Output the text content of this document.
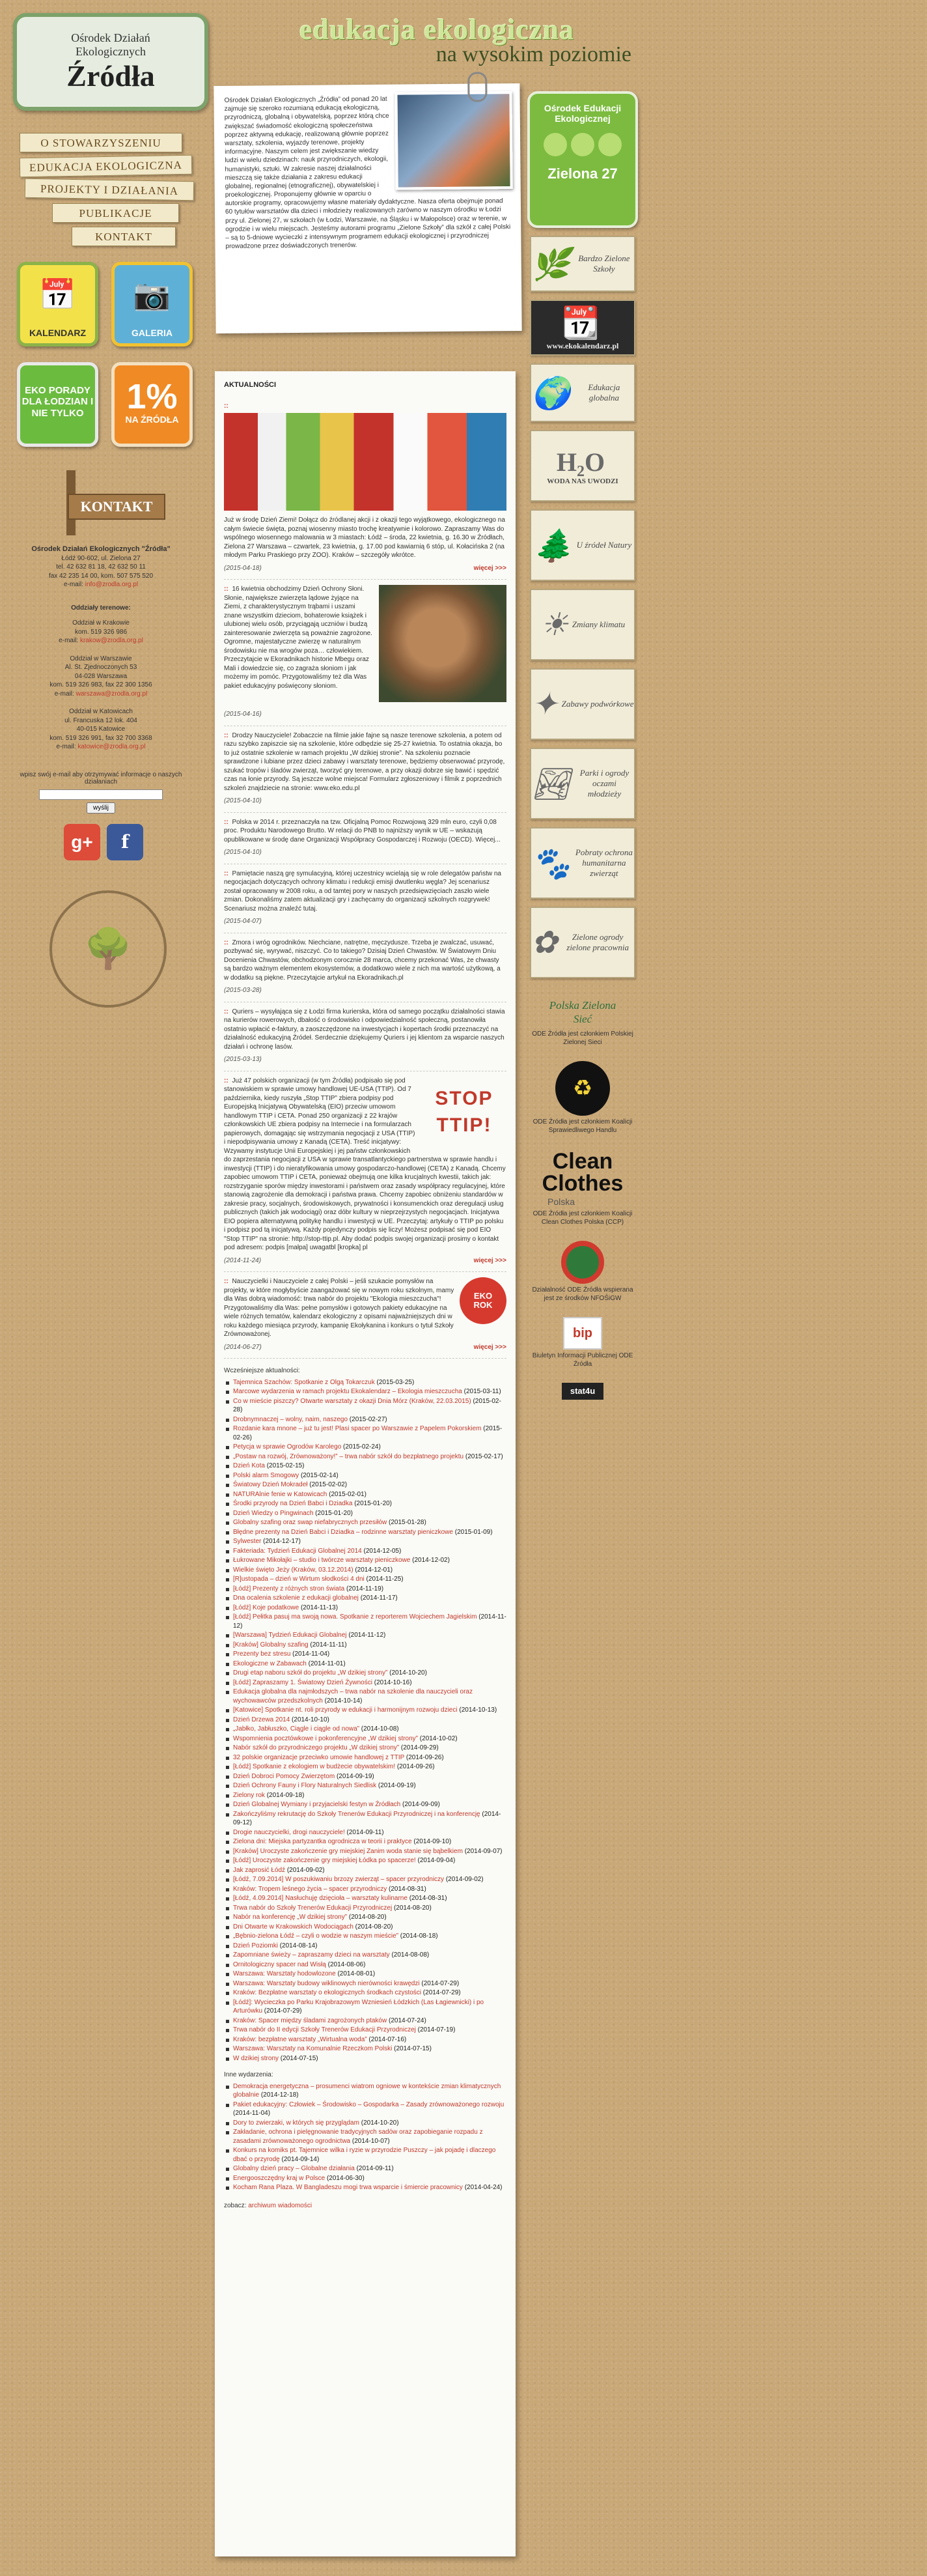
Ośrodek Działań
Ekologicznych
Źródła
O STOWARZYSZENIU
EDUKACJA EKOLOGICZNA
PROJEKTY I DZIAŁANIA
PUBLIKACJE
KONTAKT
📅
KALENDARZ
📷
GALERIA
EKO PORADY DLA ŁODZIAN I NIE TYLKO	1%
NA ŹRÓDŁA
KONTAKT
Ośrodek Działań Ekologicznych "Źródła"
Łódź 90-602, ul. Zielona 27
tel. 42 632 81 18, 42 632 50 11
fax 42 235 14 00, kom. 507 575 520
e-mail: info@zrodla.org.pl
Oddziały terenowe:
Oddział w Krakowie
kom. 519 326 986
e-mail: krakow@zrodla.org.pl
Oddział w Warszawie
Al. St. Zjednoczonych 53
04-028 Warszawa
kom. 519 326 983, fax 22 300 1356
e-mail: warszawa@zrodla.org.pl
Oddział w Katowicach
ul. Francuska 12 lok. 404
40-015 Katowice
kom. 519 326 991, fax 32 700 3368
e-mail: katowice@zrodla.org.pl
wpisz swój e-mail aby otrzymywać informacje o naszych działaniach
wyślij
g+	f
🌳
edukacja ekologiczna
na wysokim poziomie
Ośrodek Działań Ekologicznych „Źródła” od ponad 20 lat zajmuje się szeroko rozumianą edukacją ekologiczną, przyrodniczą, globalną i obywatelską, poprzez którą chce zwiększać świadomość ekologiczną społeczeństwa poprzez aktywną edukację, realizowaną głównie poprzez warsztaty, szkolenia, wyjazdy terenowe, projekty informacyjne. Naszym celem jest zwiększanie wiedzy ludzi w wielu dziedzinach: nauk przyrodniczych, ekologii, humanistyki, sztuki. W zakresie naszej działalności mieszczą się także działania z zakresu edukacji globalnej, regionalnej (etnograficznej), obywatelskiej i proekologicznej. Proponujemy głównie w oparciu o autorskie programy, opracowujemy własne materiały dydaktyczne. Nasza oferta obejmuje ponad 60 tytułów warsztatów dla dzieci i młodzieży realizowanych zarówno w naszym ośrodku w Łodzi przy ul. Zielonej 27, w szkołach (w Łodzi, Warszawie, na Śląsku i w Małopolsce) oraz w terenie, w ogrodzie i w wielu miejscach. Jesteśmy autorami programu „Zielone Szkoły” dla szkół z całej Polski – są to 5-dniowe wycieczki z intensywnym programem edukacji ekologicznej i przyrodniczej prowadzone przez doświadczonych trenerów.
AKTUALNOŚCI
::
Już w środę Dzień Ziemi! Dołącz do źródlanej akcji i z okazji tego wyjątkowego, ekologicznego na całym świecie święta, poznaj wiosenny miasto trochę kreatywnie i kolorowo. Zapraszamy Was do wspólnego wiosennego malowania w 3 miastach: Łódź – środa, 22 kwietnia, g. 16.30 w Źródłach, Zielona 27 Warszawa – czwartek, 23 kwietnia, g. 17.00 pod kawiarnią 6 stóp, ul. Kołacińska 2 (na młodym Parku Praskiego przy ZOO). Kraków – szczegóły wkrótce.
(2015-04-18)	więcej >>>
:: 16 kwietnia obchodzimy Dzień Ochrony Słoni. Słonie, największe zwierzęta lądowe żyjące na Ziemi, z charakterystycznym trąbami i uszami znane wszystkim dzieciom, bohaterowie książek i ulubionej wielu osób, przyciągają uczniów i budzą zainteresowanie zwierzęta są poważnie zagrożone. Ogromne, majestatyczne zwierzę w naturalnym środowisku nie ma wrogów poza… człowiekiem. Przeczytajcie w Ekoradnikach historie Mbegu oraz Mali i dowiedzcie się, co zagraża słoniom i jak możemy im pomóc. Przygotowaliśmy też dla Was pakiet edukacyjny poświęcony słoniom.
(2015-04-16)
:: Drodzy Nauczyciele! Zobaczcie na filmie jakie fajne są nasze terenowe szkolenia, a potem od razu szybko zapiszcie się na szkolenie, które odbędzie się 25-27 kwietnia. To ostatnia okazja, bo to już ostatnie szkolenie w ramach projektu „W dzikiej stronie”. Na szkoleniu poznacie sprawdzone i lubiane przez dzieci zabawy i warsztaty terenowe, będziemy obserwować przyrodę, szukać tropów i śladów zwierząt, tworzyć gry terenowe, a przy okazji dobrze się bawić i spędzić czas na łonie przyrody. Są jeszcze wolne miejsca! Formularz zgłoszeniowy i filmik z poprzednich szkoleń znajdziecie na stronie: www.eko.edu.pl
(2015-04-10)
:: Polska w 2014 r. przeznaczyła na tzw. Oficjalną Pomoc Rozwojową 329 mln euro, czyli 0,08 proc. Produktu Narodowego Brutto. W relacji do PNB to najniższy wynik w UE – wskazują opublikowane w środę dane Organizacji Współpracy Gospodarczej i Rozwoju (OECD). Więcej...
(2015-04-10)
:: Pamiętacie naszą grę symulacyjną, której uczestnicy wcielają się w role delegatów państw na negocjacjach dotyczących ochrony klimatu i redukcji emisji dwutlenku węgla? Jej scenariusz został opracowany w 2008 roku, a od tamtej pory w naszych przedsięwzięciach zaszło wiele zmian. Dokonaliśmy zatem aktualizacji gry i zachęcamy do organizacji szkolnych rozgrywek! Scenariusz można znaleźć tutaj.
(2015-04-07)
:: Zmora i wróg ogrodników. Niechciane, natrętne, męczydusze. Trzeba je zwalczać, usuwać, pozbywać się, wyrywać, niszczyć. Co to takiego? Dzisiaj Dzień Chwastów. W Światowym Dniu Docenienia Chwastów, obchodzonym corocznie 28 marca, chcemy przekonać Was, że chwasty są bardzo ważnym elementem ekosystemów, a dodatkowo wiele z nich ma wartość użytkową, a w dodatku są piękne. Przeczytajcie artykuł na Ekoradnikach.pl
(2015-03-28)
:: Quriers – wysyłająca się z Łodzi firma kurierska, która od samego początku działalności stawia na kurierów rowerowych, dbałość o środowisko i odpowiedzialność społeczną, postanowiła ostatnio wpłacić e-faktury, a zaoszczędzone na inwestycjach i kopertach środki przeznaczyć na działalność edukacyjną Źródeł. Serdecznie dziękujemy Quriers i jej klientom za wsparcie naszych działań i ochronę lasów.
(2015-03-13)
STOP
TTIP!
:: Już 47 polskich organizacji (w tym Źródła) podpisało się pod stanowiskiem w sprawie umowy handlowej UE-USA (TTIP). Od 7 października, kiedy ruszyła „Stop TTIP” zbiera podpisy pod Europejską Inicjatywą Obywatelską (EIO) przeciw umowom handlowym TTIP i CETA. Ponad 250 organizacji z 22 krajów członkowskich UE zbiera podpisy na Internecie i na formularzach papierowych, domagając się wstrzymania negocjacji z USA (TTIP) i niepodpisywania umowy z Kanadą (CETA). Treść inicjatywy: Wzywamy instytucje Unii Europejskiej i jej państw członkowskich do zaprzestania negocjacji z USA w sprawie transatlantyckiego partnerstwa w sprawie handlu i inwestycji (TTIP) i do nieratyfikowania umowy gospodarczo-handlowej (CETA) z Kanadą. Chcemy zapobiec umowom TTIP i CETA, ponieważ obejmują one kilka krucjalnych kwestii, takich jak: rozstrzyganie sporów między inwestorami i państwem oraz zasady współpracy regulacyjnej, które stanowią zagrożenie dla demokracji i państwa prawa. Chcemy zapobiec obniżeniu standardów w zakresie pracy, socjalnych, środowiskowych, prywatności i konsumenckich oraz deregulacji usług publicznych (takich jak wodociągi) oraz dóbr kultury w nieprzejrzystych negocjacjach. Inicjatywa EIO popiera alternatywną politykę handlu i inwestycji w UE. Przeczytaj: artykuły o TTIP po polsku i podpisz pod tą inicjatywą. Każdy pojedynczy podpis się liczy! Możesz podpisać się pod EIO "Stop TTIP" na stronie: http://stop-ttip.pl. Aby dodać podpis swojej organizacji prosimy o kontakt pod adresem: podpis [małpa] uwagatbl [kropka] pl
(2014-11-24)	więcej >>>
EKO
ROK
:: Nauczycielki i Nauczyciele z całej Polski – jeśli szukacie pomysłów na projekty, w które mogłybyście zaangażować się w nowym roku szkolnym, mamy dla Was dobrą wiadomość: trwa nabór do projektu "Ekologia mieszczucha"! Przygotowaliśmy dla Was: pełne pomysłów i gotowych pakiety edukacyjne na wiele różnych tematów, kalendarz ekologiczny z opisami najważniejszych dni w roku każdego miesiąca przyrody, kampanię Ekołykanina i konkurs o tytuł Szkoły Zrównoważonej.
(2014-06-27)	więcej >>>
Wcześniejsze aktualności:
Tajemnica Szachów: Spotkanie z Olgą Tokarczuk (2015-03-25)
Marcowe wydarzenia w ramach projektu Ekokalendarz – Ekologia mieszczucha (2015-03-11)
Co w mieście piszczy? Otwarte warsztaty z okazji Dnia Mórz (Kraków, 22.03.2015) (2015-02-28)
Drobnymnaczej – wolny, naim, naszego (2015-02-27)
Rozdanie kara mnone – już tu jest! Plasi spacer po Warszawie z Papelem Pokorskiem (2015-02-26)
Petycja w sprawie Ogrodów Karolego (2015-02-24)
„Postaw na rozwój, Zrównoważony!” – trwa nabór szkół do bezpłatnego projektu (2015-02-17)
Dzień Kota (2015-02-15)
Polski alarm Smogowy (2015-02-14)
Światowy Dzień Mokradeł (2015-02-02)
NATURAlnie fenie w Katowicach (2015-02-01)
Środki przyrody na Dzień Babci i Dziadka (2015-01-20)
Dzień Wiedzy o Pingwinach (2015-01-20)
Globalny szafing oraz swap niefabrycznych przesiłów (2015-01-28)
Błędne prezenty na Dzień Babci i Dziadka – rodzinne warsztaty pieniczkowe (2015-01-09)
Sylwester (2014-12-17)
Fakteriada: Tydzień Edukacji Globalnej 2014 (2014-12-05)
Łukrowane Mikołajki – studio i twórcze warsztaty pieniczkowe (2014-12-02)
Wielkie święto Jeży (Kraków, 03.12.2014) (2014-12-01)
[R]ustopada – dzień w Wirtum słodkości 4 dni (2014-11-25)
[Łódź] Prezenty z różnych stron świata (2014-11-19)
Dna ocalenia szkolenie z edukacji globalnej (2014-11-17)
[Łódź] Koje podatkowe (2014-11-13)
[Łódź] Pełitka pasuj ma swoją nowa. Spotkanie z reporterem Wojciechem Jagielskim (2014-11-12)
[Warszawa] Tydzień Edukacji Globalnej (2014-11-12)
[Kraków] Globalny szafing (2014-11-11)
Prezenty bez stresu (2014-11-04)
Ekologiczne w Zabawach (2014-11-01)
Drugi etap naboru szkół do projektu „W dzikiej strony” (2014-10-20)
[Łódź] Zapraszamy 1. Światowy Dzień Żywności (2014-10-16)
Edukacja globalna dla najmłodszych – trwa nabór na szkolenie dla nauczycieli oraz wychowawców przedszkolnych (2014-10-14)
[Katowice] Spotkanie nt. roli przyrody w edukacji i harmonijnym rozwoju dzieci (2014-10-13)
Dzień Drzewa 2014 (2014-10-10)
„Jabłko, Jabłuszko, Ciągle i ciągle od nowa” (2014-10-08)
Wspomnienia pocztówkowe i pokonferencyjne „W dzikiej strony” (2014-10-02)
Nabór szkół do przyrodniczego projektu „W dzikiej strony” (2014-09-29)
32 polskie organizacje przeciwko umowie handlowej z TTIP (2014-09-26)
[Łódź] Spotkanie z ekologiem w budżecie obywatelskim! (2014-09-26)
Dzień Dobroci Pomocy Zwierzętom (2014-09-19)
Dzień Ochrony Fauny i Flory Naturalnych Siedlisk (2014-09-19)
Zielony rok (2014-09-18)
Dzień Globalnej Wymiany i przyjacielski festyn w Źródłach (2014-09-09)
Zakończyliśmy rekrutację do Szkoły Trenerów Edukacji Przyrodniczej i na konferencję (2014-09-12)
Drogie nauczycielki, drogi nauczyciele! (2014-09-11)
Zielona dni: Miejska partyzantka ogrodnicza w teorii i praktyce (2014-09-10)
[Kraków] Uroczyste zakończenie gry miejskiej Zanim woda stanie się bąbelkiem (2014-09-07)
[Łódź] Uroczyste zakończenie gry miejskiej Łódka po spacerze! (2014-09-04)
Jak zaprosić Łódź (2014-09-02)
[Łódź, 7.09.2014] W poszukiwaniu brzozy zwierząt – spacer przyrodniczy (2014-09-02)
Kraków: Tropem leśnego życia – spacer przyrodniczy (2014-08-31)
[Łódź, 4.09.2014] Nasłuchuję dzięcioła – warsztaty kulinarne (2014-08-31)
Trwa nabór do Szkoły Trenerów Edukacji Przyrodniczej (2014-08-20)
Nabór na konferencję „W dzikiej strony” (2014-08-20)
Dni Otwarte w Krakowskich Wodociągach (2014-08-20)
„Bębnio-zielona Łódź – czyli o wodzie w naszym mieście” (2014-08-18)
Dzień Poziomki (2014-08-14)
Zapomniane świeży – zapraszamy dzieci na warsztaty (2014-08-08)
Ornitologiczny spacer nad Wisłą (2014-08-06)
Warszawa: Warsztaty hodowlozone (2014-08-01)
Warszawa: Warsztaty budowy wiklinowych nierówności krawędzi (2014-07-29)
Kraków: Bezpłatne warsztaty o ekologicznych środkach czystości (2014-07-29)
[Łódź]: Wycieczka po Parku Krajobrazowym Wzniesień Łódzkich (Las Łagiewnicki) i po Arturówku (2014-07-29)
Kraków: Spacer między śladami zagrożonych ptaków (2014-07-24)
Trwa nabór do II edycji Szkoły Trenerów Edukacji Przyrodniczej (2014-07-19)
Kraków: bezpłatne warsztaty „Wirtualna woda” (2014-07-16)
Warszawa: Warsztaty na Komunalnie Rzeczkom Polski (2014-07-15)
W dzikiej strony (2014-07-15)
Inne wydarzenia:
Demokracja energetyczna – prosumenci wiatrom ogniowe w kontekście zmian klimatycznych globalnie (2014-12-18)
Pakiet edukacyjny: Człowiek – Środowisko – Gospodarka – Zasady zrównoważonego rozwoju (2014-11-04)
Dory to zwierzaki, w których się przyglądam (2014-10-20)
Zakładanie, ochrona i pielęgnowanie tradycyjnych sadów oraz zapobieganie rozpadu z zasadami zrównoważonego ogrodnictwa (2014-10-07)
Konkurs na komiks pt. Tajemnice wilka i ryzie w przyrodzie Puszczy – jak pojadę i dlaczego dbać o przyrodę (2014-09-14)
Globalny dzień pracy – Globalne działania (2014-09-11)
Energooszczędny kraj w Polsce (2014-06-30)
Kocham Rana Plaza. W Bangladeszu mogi trwa wsparcie i śmiercie pracownicy (2014-04-24)
zobacz: archiwum wiadomości
Ośrodek Edukacji Ekologicznej
Zielona 27
🌿 Bardzo Zielone Szkoły
📆
www.ekokalendarz.pl
🌍	Edukacja globalna
H₂O
WODA NAS UWODZI
🌲 U źródeł Natury
☀ Zmiany klimatu
✦ Zabawy podwórkowe
🏞	Parki i ogrody oczami młodzieży
🐾 Pobraty ochrona humanitarna zwierząt
✿	Zielone ogrody zielone pracownia
Polska Zielona Sieć
ODE Źródła jest członkiem Polskiej Zielonej Sieci
♻
ODE Źródła jest członkiem Koalicji Sprawiedliwego Handlu
Clean Clothes
Polska
ODE Źródła jest członkiem Koalicji Clean Clothes Polska (CCP)
Działalność ODE Źródła wspierana jest ze środków NFOŚiGW
bip
Biuletyn Informacji Publicznej ODE Źródła
stat4u
